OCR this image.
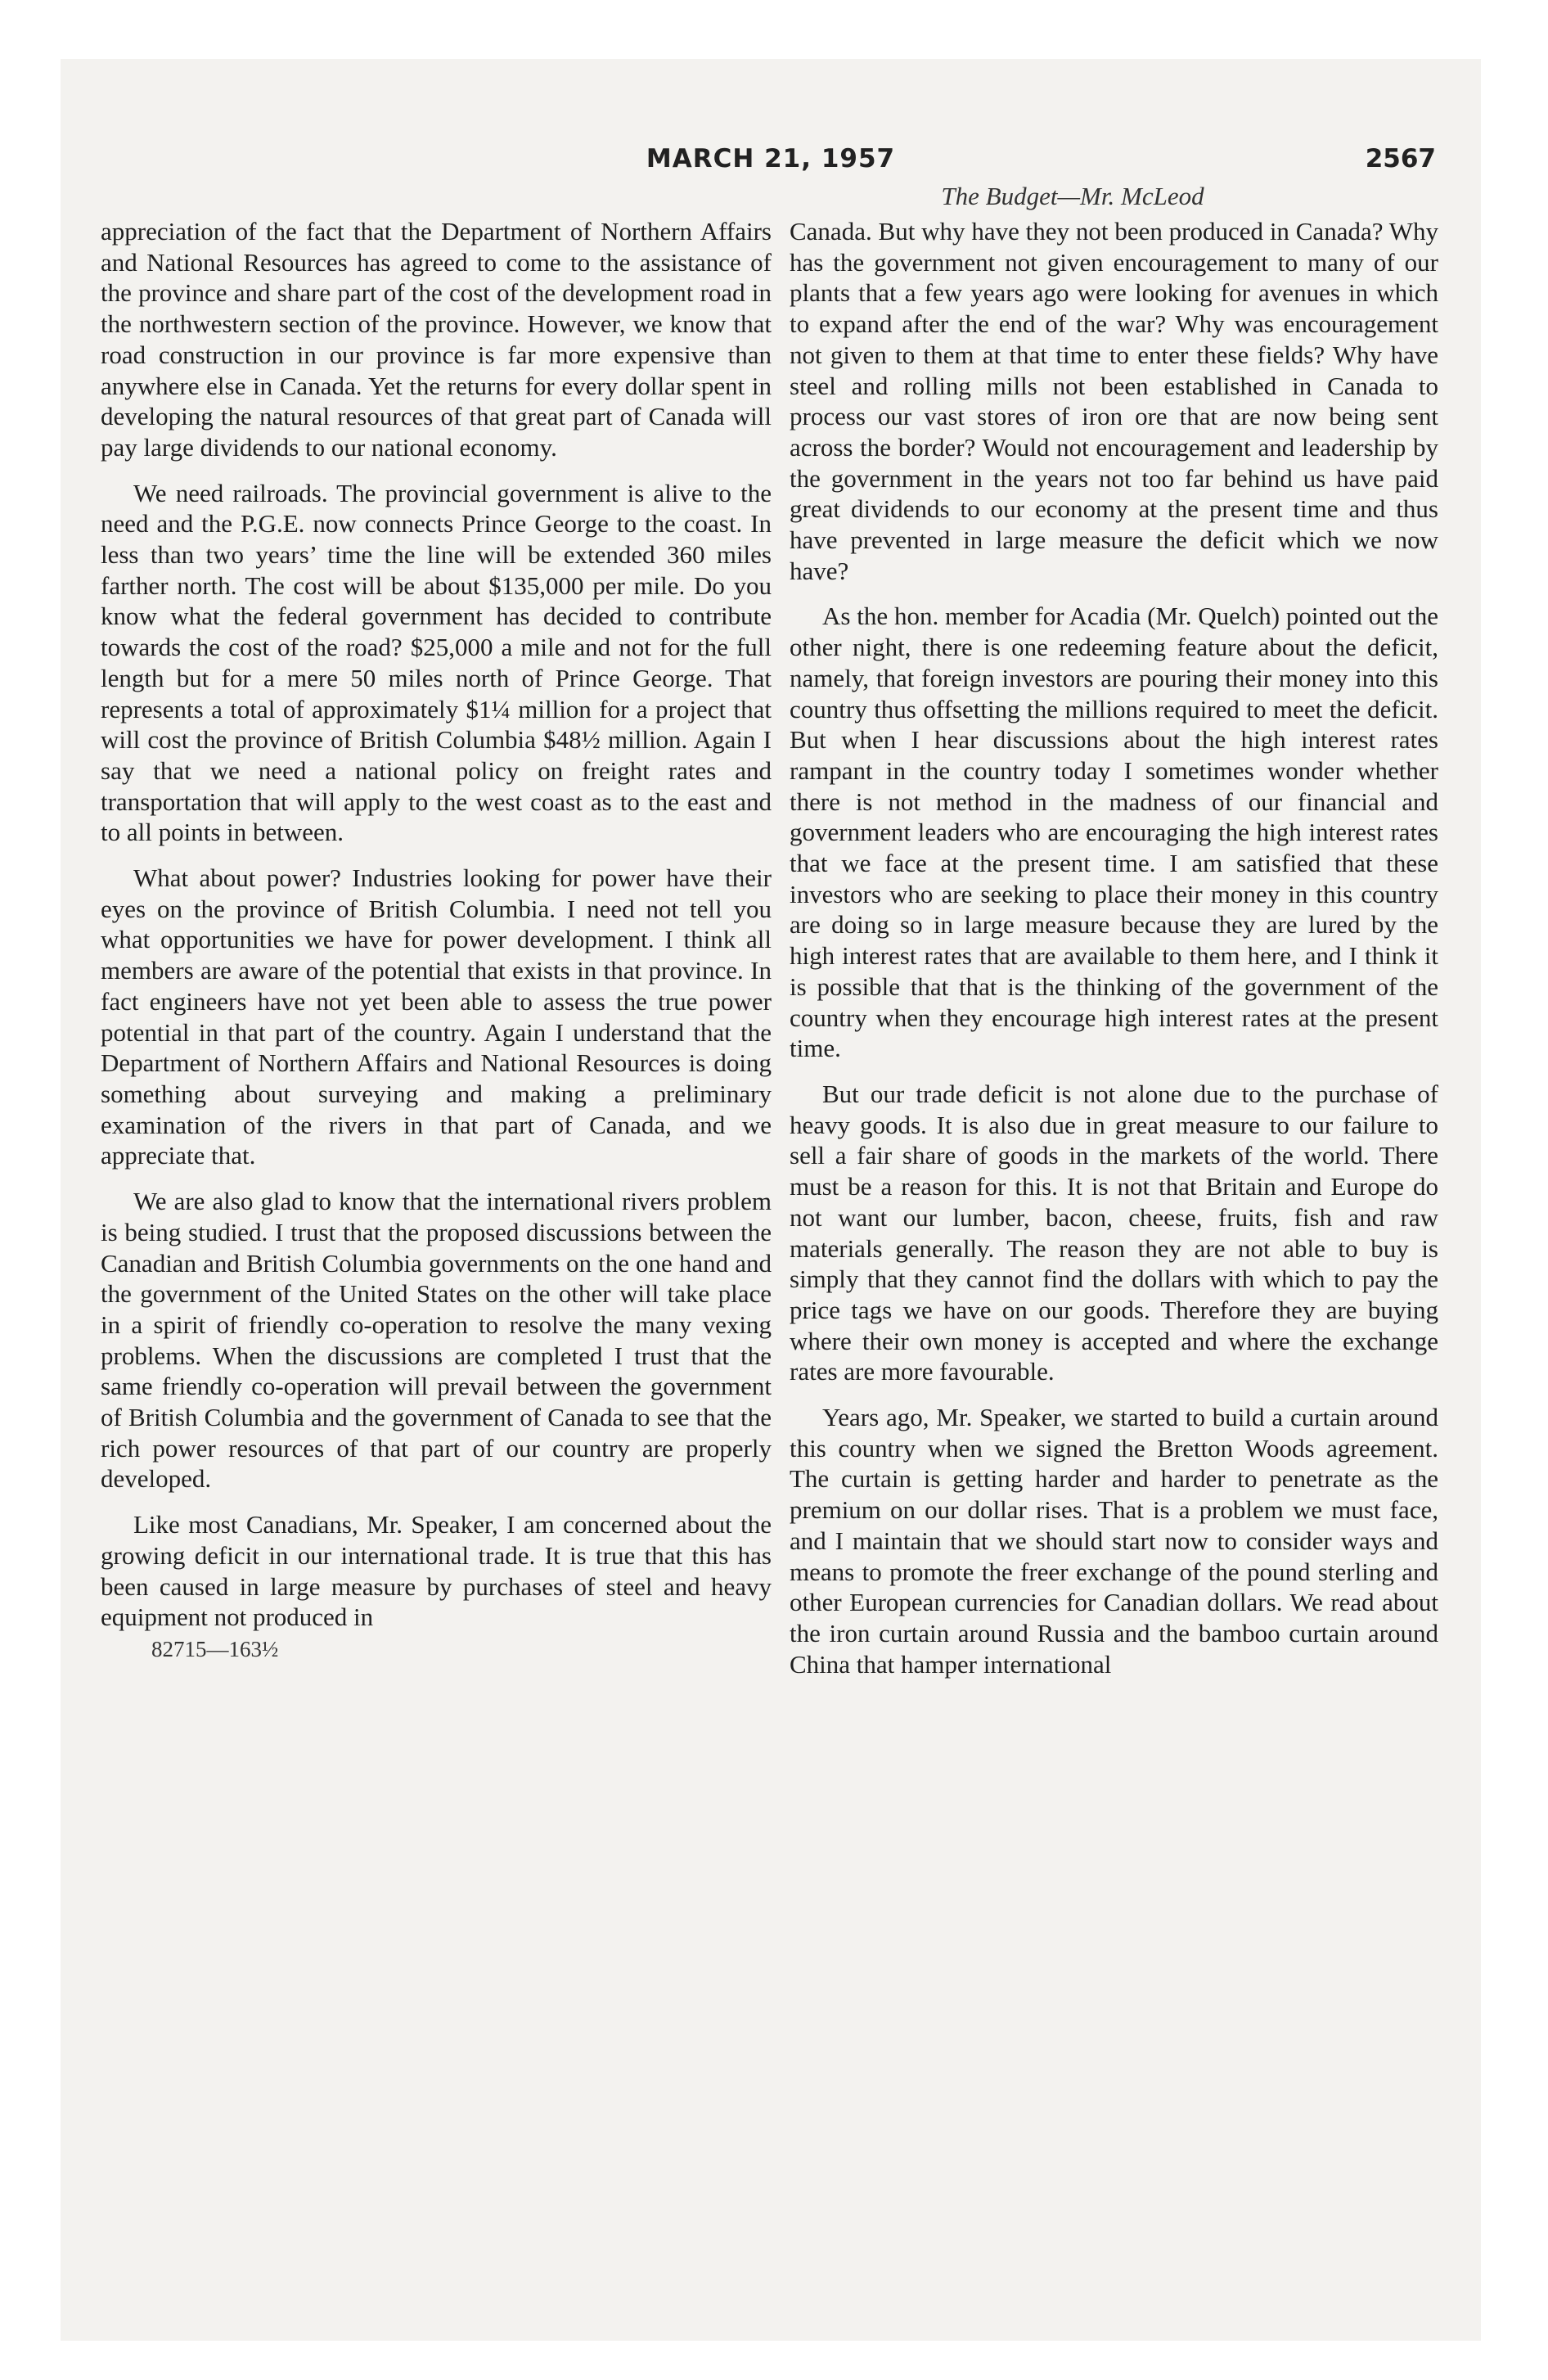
MARCH 21, 1957	2567
The Budget—Mr. McLeod

appreciation of the fact that the Department of Northern Affairs and National Resources has agreed to come to the assistance of the province and share part of the cost of the development road in the northwestern section of the province. However, we know that road construction in our province is far more expensive than anywhere else in Canada. Yet the returns for every dollar spent in developing the natural resources of that great part of Canada will pay large dividends to our national economy.

We need railroads. The provincial government is alive to the need and the P.G.E. now connects Prince George to the coast. In less than two years’ time the line will be extended 360 miles farther north. The cost will be about $135,000 per mile. Do you know what the federal government has decided to contribute towards the cost of the road? $25,000 a mile and not for the full length but for a mere 50 miles north of Prince George. That represents a total of approximately $1¼ million for a project that will cost the province of British Columbia $48½ million. Again I say that we need a national policy on freight rates and transportation that will apply to the west coast as to the east and to all points in between.

What about power? Industries looking for power have their eyes on the province of British Columbia. I need not tell you what opportunities we have for power development. I think all members are aware of the potential that exists in that province. In fact engineers have not yet been able to assess the true power potential in that part of the country. Again I understand that the Department of Northern Affairs and National Resources is doing something about surveying and making a preliminary examination of the rivers in that part of Canada, and we appreciate that.

We are also glad to know that the international rivers problem is being studied. I trust that the proposed discussions between the Canadian and British Columbia governments on the one hand and the government of the United States on the other will take place in a spirit of friendly co-operation to resolve the many vexing problems. When the discussions are completed I trust that the same friendly co-operation will prevail between the government of British Columbia and the government of Canada to see that the rich power resources of that part of our country are properly developed.

Like most Canadians, Mr. Speaker, I am concerned about the growing deficit in our international trade. It is true that this has been caused in large measure by purchases of steel and heavy equipment not produced in

82715—163½

Canada. But why have they not been produced in Canada? Why has the government not given encouragement to many of our plants that a few years ago were looking for avenues in which to expand after the end of the war? Why was encouragement not given to them at that time to enter these fields? Why have steel and rolling mills not been established in Canada to process our vast stores of iron ore that are now being sent across the border? Would not encouragement and leadership by the government in the years not too far behind us have paid great dividends to our economy at the present time and thus have prevented in large measure the deficit which we now have?

As the hon. member for Acadia (Mr. Quelch) pointed out the other night, there is one redeeming feature about the deficit, namely, that foreign investors are pouring their money into this country thus offsetting the millions required to meet the deficit. But when I hear discussions about the high interest rates rampant in the country today I sometimes wonder whether there is not method in the madness of our financial and government leaders who are encouraging the high interest rates that we face at the present time. I am satisfied that these investors who are seeking to place their money in this country are doing so in large measure because they are lured by the high interest rates that are available to them here, and I think it is possible that that is the thinking of the government of the country when they encourage high interest rates at the present time.

But our trade deficit is not alone due to the purchase of heavy goods. It is also due in great measure to our failure to sell a fair share of goods in the markets of the world. There must be a reason for this. It is not that Britain and Europe do not want our lumber, bacon, cheese, fruits, fish and raw materials generally. The reason they are not able to buy is simply that they cannot find the dollars with which to pay the price tags we have on our goods. Therefore they are buying where their own money is accepted and where the exchange rates are more favourable.

Years ago, Mr. Speaker, we started to build a curtain around this country when we signed the Bretton Woods agreement. The curtain is getting harder and harder to penetrate as the premium on our dollar rises. That is a problem we must face, and I maintain that we should start now to consider ways and means to promote the freer exchange of the pound sterling and other European currencies for Canadian dollars. We read about the iron curtain around Russia and the bamboo curtain around China that hamper international
